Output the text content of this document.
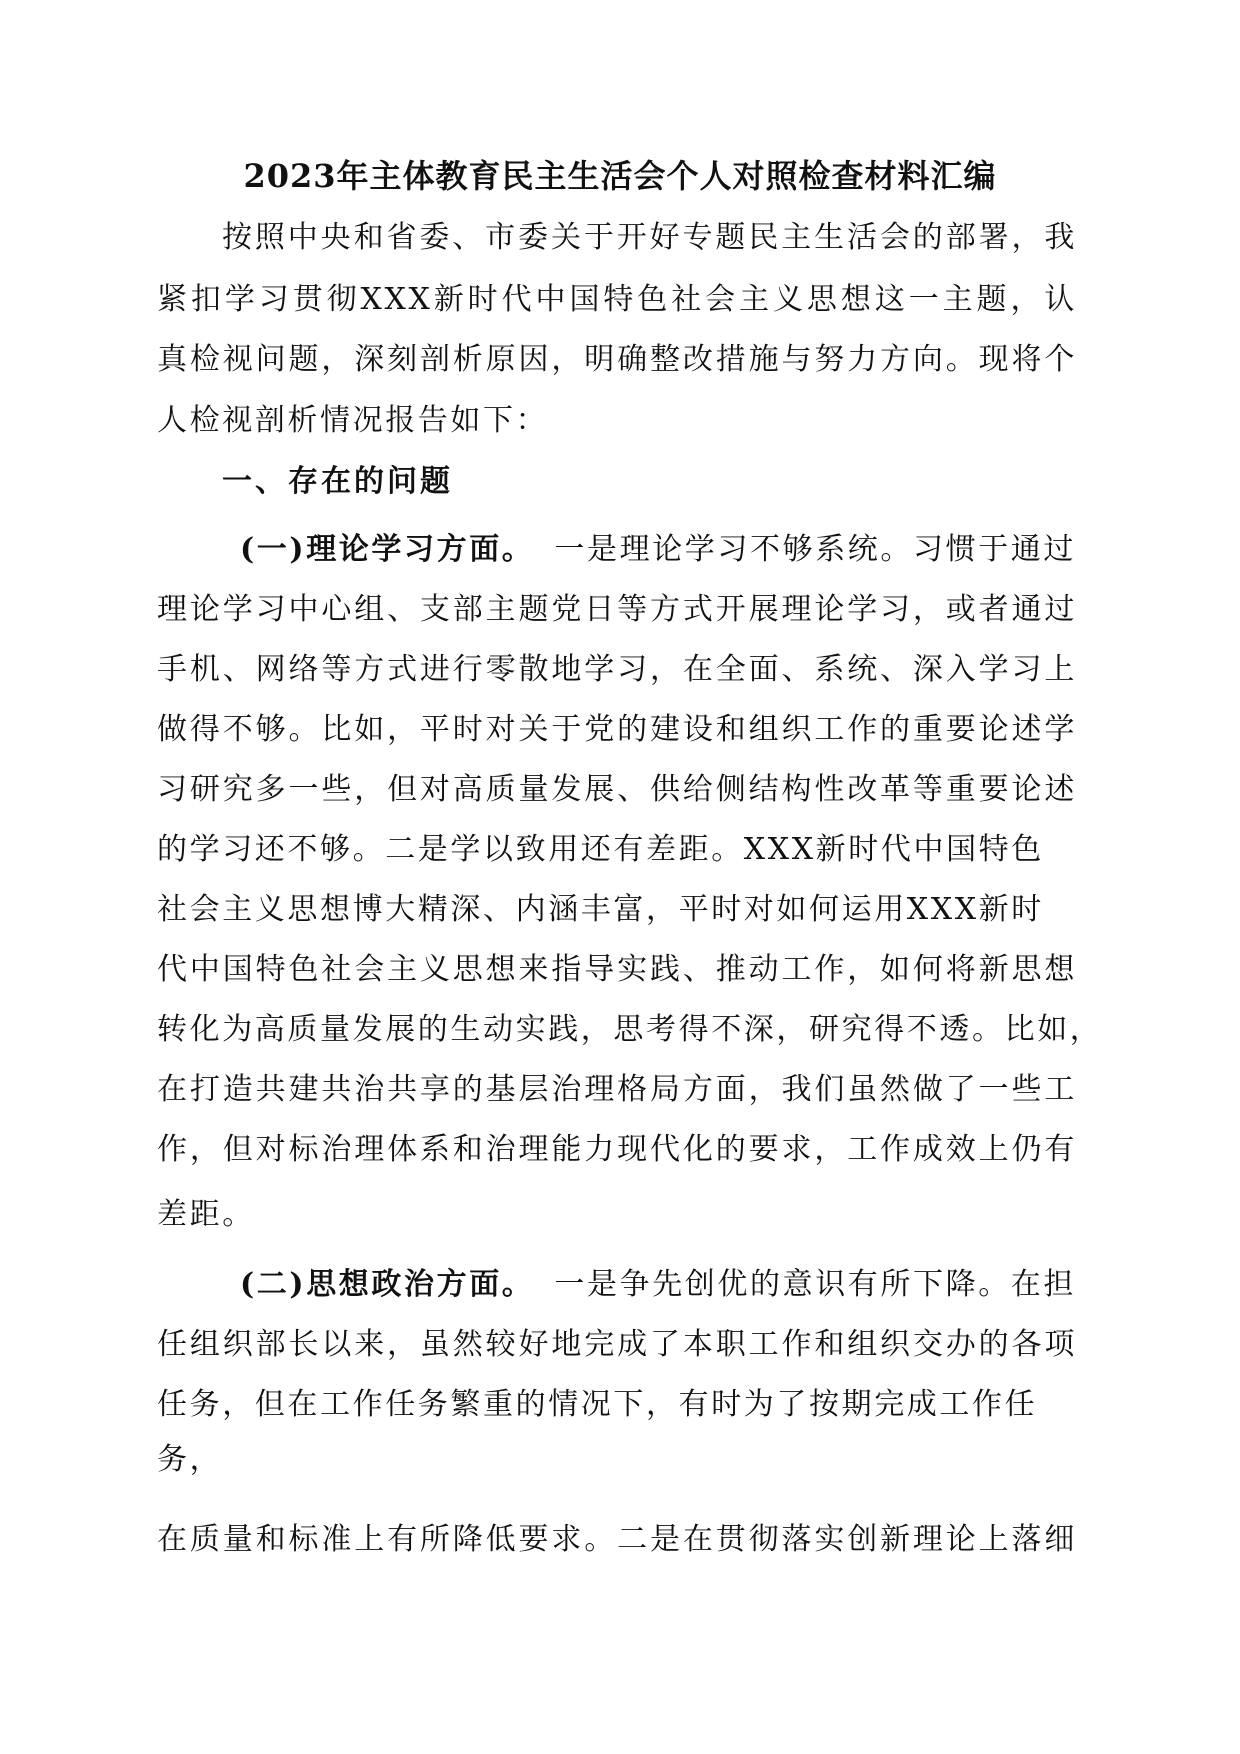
2023年主体教育民主生活会个人对照检查材料汇编
按照中央和省委、市委关于开好专题民主生活会的部署，我
紧扣学习贯彻XXX新时代中国特色社会主义思想这一主题，认
真检视问题，深刻剖析原因，明确整改措施与努力方向。现将个
人检视剖析情况报告如下：
一、存在的问题
(一)理论学习方面。 一是理论学习不够系统。习惯于通过
理论学习中心组、支部主题党日等方式开展理论学习，或者通过
手机、网络等方式进行零散地学习，在全面、系统、深入学习上
做得不够。比如，平时对关于党的建设和组织工作的重要论述学
习研究多一些，但对高质量发展、供给侧结构性改革等重要论述
的学习还不够。二是学以致用还有差距。XXX新时代中国特色
社会主义思想博大精深、内涵丰富，平时对如何运用XXX新时
代中国特色社会主义思想来指导实践、推动工作，如何将新思想
转化为高质量发展的生动实践，思考得不深，研究得不透。比如，
在打造共建共治共享的基层治理格局方面，我们虽然做了一些工
作，但对标治理体系和治理能力现代化的要求，工作成效上仍有
差距。
(二)思想政治方面。 一是争先创优的意识有所下降。在担
任组织部长以来，虽然较好地完成了本职工作和组织交办的各项
任务，但在工作任务繁重的情况下，有时为了按期完成工作任
务，
在质量和标准上有所降低要求。二是在贯彻落实创新理论上落细
